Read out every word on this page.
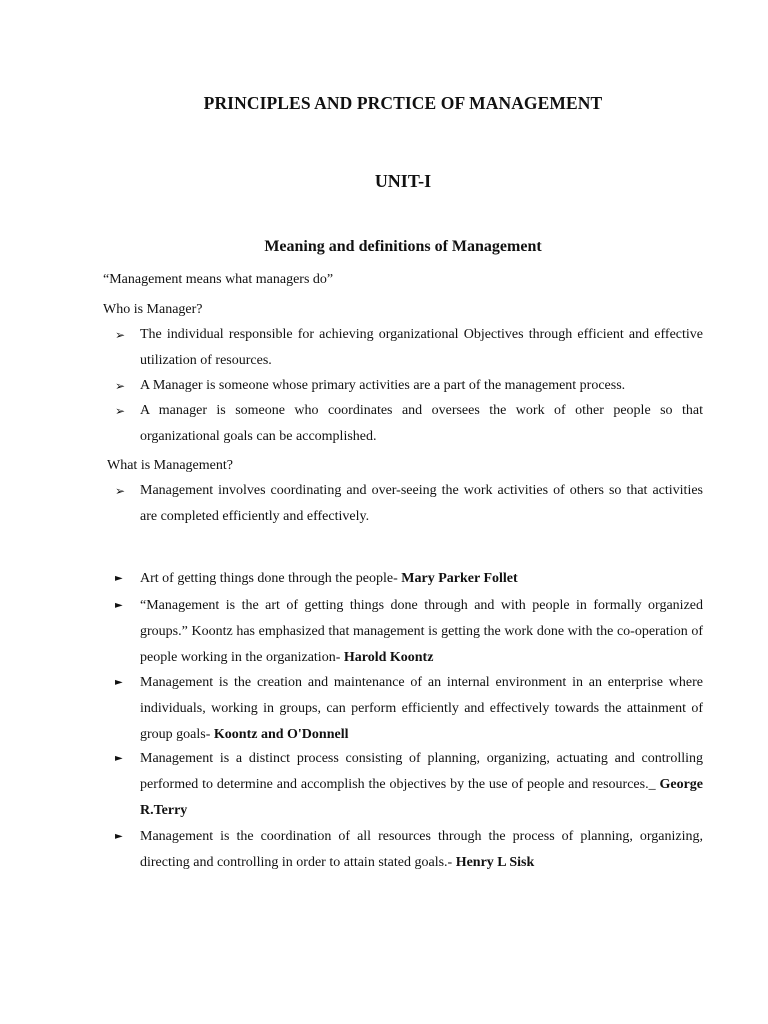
PRINCIPLES AND PRCTICE OF MANAGEMENT
UNIT-I
Meaning and definitions of Management
“Management means what managers do”
Who is Manager?
➢	The individual responsible for achieving organizational Objectives through efficient and effective utilization of resources.
➢	A Manager is someone whose primary activities are a part of the management process.
➢	A manager is someone who coordinates and oversees the work of other people so that organizational goals can be accomplished.
What is Management?
➢	Management involves coordinating and over-seeing the work activities of others so that activities are completed efficiently and effectively.
►	Art of getting things done through the people- Mary Parker Follet
►	“Management is the art of getting things done through and with people in formally organized groups.” Koontz has emphasized that management is getting the work done with the co-operation of people working in the organization- Harold Koontz
►	Management is the creation and maintenance of an internal environment in an enterprise where individuals, working in groups, can perform efficiently and effectively towards the attainment of group goals- Koontz and O'Donnell
►	Management is a distinct process consisting of planning, organizing, actuating and controlling performed to determine and accomplish the objectives by the use of people and resources._ George R.Terry
►	Management is the coordination of all resources through the process of planning, organizing, directing and controlling in order to attain stated goals.- Henry L Sisk
